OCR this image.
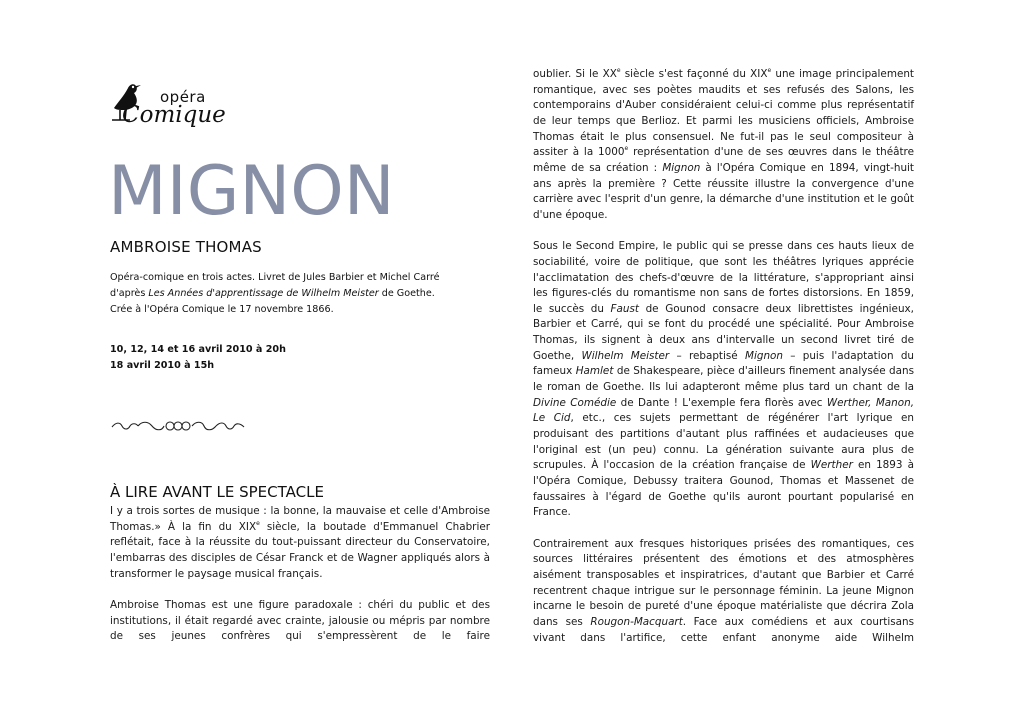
opéra
Comique
MIGNON
AMBROISE THOMAS
Opéra-comique en trois actes. Livret de Jules Barbier et Michel Carré
d'après Les Années d'apprentissage de Wilhelm Meister de Goethe.
Crée à l'Opéra Comique le 17 novembre 1866.
10, 12, 14 et 16 avril 2010 à 20h
18 avril 2010 à 15h
À LIRE AVANT LE SPECTACLE

I y a trois sortes de musique : la bonne, la mauvaise et celle d'Ambroise Thomas.» À la fin du XIXe siècle, la boutade d'Emmanuel Chabrier reflétait, face à la réussite du tout-puissant directeur du Conservatoire, l'embarras des disciples de César Franck et de Wagner appliqués alors à transformer le paysage musical français.

Ambroise Thomas est une figure paradoxale : chéri du public et des institutions, il était regardé avec crainte, jalousie ou mépris par nombre de ses jeunes confrères qui s'empressèrent de le faire

oublier. Si le XXe siècle s'est façonné du XIXe une image principalement romantique, avec ses poètes maudits et ses refusés des Salons, les contemporains d'Auber considéraient celui-ci comme plus représentatif de leur temps que Berlioz. Et parmi les musiciens officiels, Ambroise Thomas était le plus consensuel. Ne fut-il pas le seul compositeur à assiter à la 1000e représentation d'une de ses œuvres dans le théâtre même de sa création : Mignon à l'Opéra Comique en 1894, vingt-huit ans après la première ? Cette réussite illustre la convergence d'une carrière avec l'esprit d'un genre, la démarche d'une institution et le goût d'une époque.

Sous le Second Empire, le public qui se presse dans ces hauts lieux de sociabilité, voire de politique, que sont les théâtres lyriques apprécie l'acclimatation des chefs-d'œuvre de la littérature, s'appropriant ainsi les figures-clés du romantisme non sans de fortes distorsions. En 1859, le succès du Faust de Gounod consacre deux librettistes ingénieux, Barbier et Carré, qui se font du procédé une spécialité. Pour Ambroise Thomas, ils signent à deux ans d'intervalle un second livret tiré de Goethe, Wilhelm Meister – rebaptisé Mignon – puis l'adaptation du fameux Hamlet de Shakespeare, pièce d'ailleurs finement analysée dans le roman de Goethe. Ils lui adapteront même plus tard un chant de la Divine Comédie de Dante ! L'exemple fera florès avec Werther, Manon, Le Cid, etc., ces sujets permettant de régénérer l'art lyrique en produisant des partitions d'autant plus raffinées et audacieuses que l'original est (un peu) connu. La génération suivante aura plus de scrupules. À l'occasion de la création française de Werther en 1893 à l'Opéra Comique, Debussy traitera Gounod, Thomas et Massenet de faussaires à l'égard de Goethe qu'ils auront pourtant popularisé en France.

Contrairement aux fresques historiques prisées des romantiques, ces sources littéraires présentent des émotions et des atmosphères aisément transposables et inspiratrices, d'autant que Barbier et Carré recentrent chaque intrigue sur le personnage féminin. La jeune Mignon incarne le besoin de pureté d'une époque matérialiste que décrira Zola dans ses Rougon-Macquart. Face aux comédiens et aux courtisans vivant dans l'artifice, cette enfant anonyme aide Wilhelm
